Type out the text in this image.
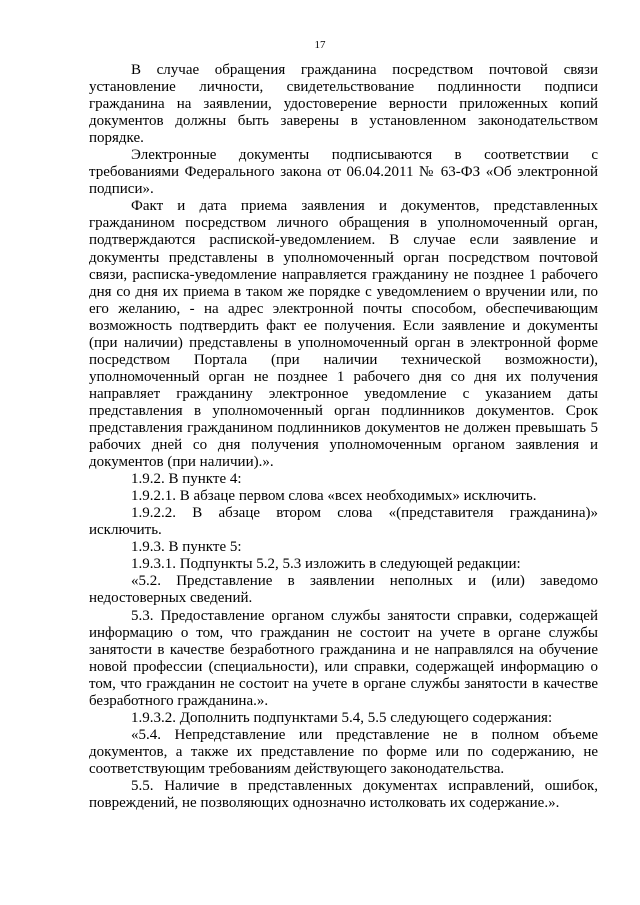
17

В случае обращения гражданина посредством почтовой связи установление личности, свидетельствование подлинности подписи гражданина на заявлении, удостоверение верности приложенных копий документов должны быть заверены в установленном законодательством порядке.

Электронные документы подписываются в соответствии с требованиями Федерального закона от 06.04.2011 № 63-ФЗ «Об электронной подписи».

Факт и дата приема заявления и документов, представленных гражданином посредством личного обращения в уполномоченный орган, подтверждаются распиской-уведомлением. В случае если заявление и документы представлены в уполномоченный орган посредством почтовой связи, расписка-уведомление направляется гражданину не позднее 1 рабочего дня со дня их приема в таком же порядке с уведомлением о вручении или, по его желанию, - на адрес электронной почты способом, обеспечивающим возможность подтвердить факт ее получения. Если заявление и документы (при наличии) представлены в уполномоченный орган в электронной форме посредством Портала (при наличии технической возможности), уполномоченный орган не позднее 1 рабочего дня со дня их получения направляет гражданину электронное уведомление с указанием даты представления в уполномоченный орган подлинников документов. Срок представления гражданином подлинников документов не должен превышать 5 рабочих дней со дня получения уполномоченным органом заявления и документов (при наличии).».

1.9.2. В пункте 4:

1.9.2.1. В абзаце первом слова «всех необходимых» исключить.

1.9.2.2. В абзаце втором слова «(представителя гражданина)» исключить.

1.9.3. В пункте 5:

1.9.3.1. Подпункты 5.2, 5.3 изложить в следующей редакции:

«5.2. Представление в заявлении неполных и (или) заведомо недостоверных сведений.

5.3. Предоставление органом службы занятости справки, содержащей информацию о том, что гражданин не состоит на учете в органе службы занятости в качестве безработного гражданина и не направлялся на обучение новой профессии (специальности), или справки, содержащей информацию о том, что гражданин не состоит на учете в органе службы занятости в качестве безработного гражданина.».

1.9.3.2. Дополнить подпунктами 5.4, 5.5 следующего содержания:

«5.4. Непредставление или представление не в полном объеме документов, а также их представление по форме или по содержанию, не соответствующим требованиям действующего законодательства.

5.5. Наличие в представленных документах исправлений, ошибок, повреждений, не позволяющих однозначно истолковать их содержание.».
